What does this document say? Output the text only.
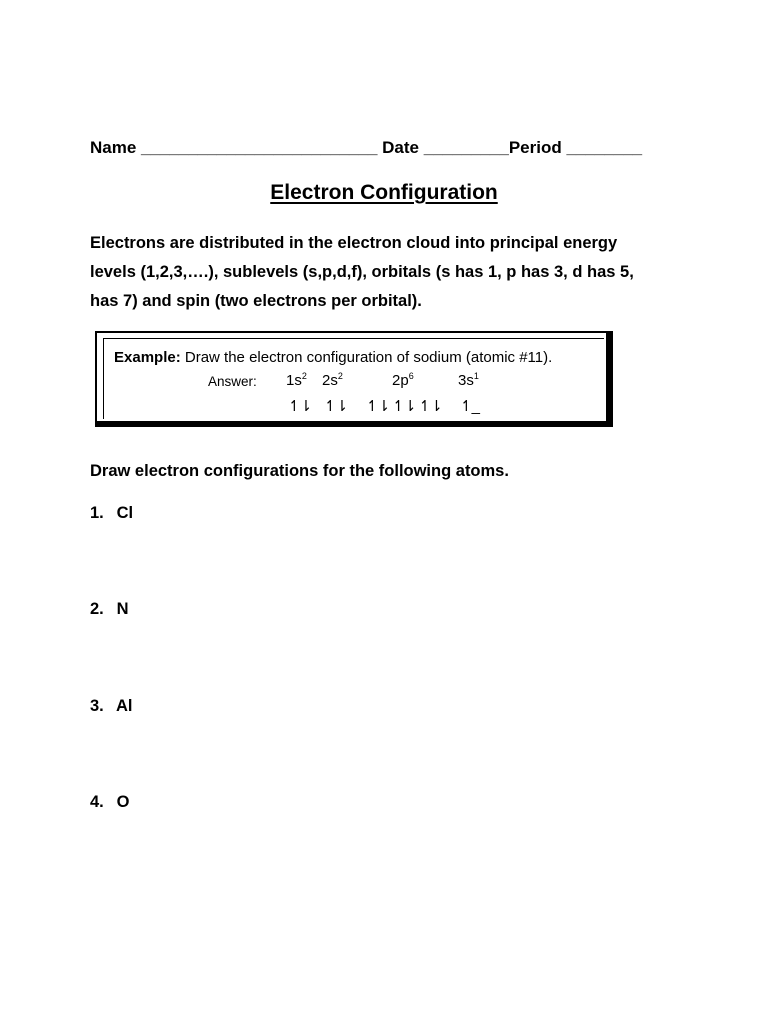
Name _________________________ Date _________Period ________
Electron Configuration
Electrons are distributed in the electron cloud into principal energy
levels (1,2,3,….), sublevels (s,p,d,f), orbitals (s has 1, p has 3, d has 5,
has 7) and spin (two electrons per orbital).
Example: Draw the electron configuration of sodium (atomic #11).
Answer: $1s^2$ $2s^2$	$2p^6$	$3s^1$
↿⇂ ↿⇂ ↿⇂ ↿⇂ ↿⇂ ↿_
Draw electron configurations for the following atoms.
1. Cl
2. N
3. Al
4. O
